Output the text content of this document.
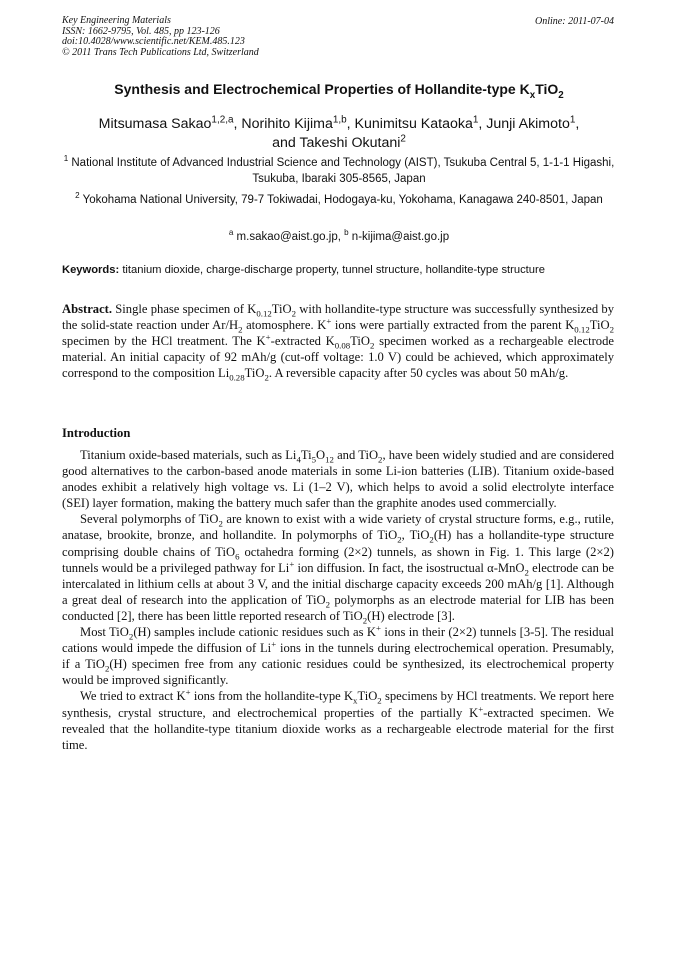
Key Engineering Materials
ISSN: 1662-9795, Vol. 485, pp 123-126
doi:10.4028/www.scientific.net/KEM.485.123
© 2011 Trans Tech Publications Ltd, Switzerland
Online: 2011-07-04
Synthesis and Electrochemical Properties of Hollandite-type $K_xTiO_2$
Mitsumasa Sakao$^{1,2,a}$, Norihito Kijima$^{1,b}$, Kunimitsu Kataoka$^1$, Junji Akimoto$^1$,
and Takeshi Okutani$^2$
$^1$ National Institute of Advanced Industrial Science and Technology (AIST), Tsukuba Central 5, 1-1-1 Higashi, Tsukuba, Ibaraki 305-8565, Japan
$^2$ Yokohama National University, 79-7 Tokiwadai, Hodogaya-ku, Yokohama, Kanagawa 240-8501, Japan
$^a$ m.sakao@aist.go.jp, $^b$ n-kijima@aist.go.jp
Keywords: titanium dioxide, charge-discharge property, tunnel structure, hollandite-type structure
Abstract. Single phase specimen of $K_{0.12}TiO_2$ with hollandite-type structure was successfully synthesized by the solid-state reaction under $Ar/H_2$ atomosphere. K+ ions were partially extracted from the parent $K_{0.12}TiO_2$ specimen by the HCl treatment. The K+-extracted $K_{0.08}TiO_2$ specimen worked as a rechargeable electrode material. An initial capacity of 92 mAh/g (cut-off voltage: 1.0 V) could be achieved, which approximately correspond to the composition $Li_{0.28}TiO_2$. A reversible capacity after 50 cycles was about 50 mAh/g.
Introduction

Titanium oxide-based materials, such as $Li_4Ti_5O_{12}$ and TiO$_2$, have been widely studied and are considered good alternatives to the carbon-based anode materials in some Li-ion batteries (LIB). Titanium oxide-based anodes exhibit a relatively high voltage vs. Li (1–2 V), which helps to avoid a solid electrolyte interface (SEI) layer formation, making the battery much safer than the graphite anodes used commercially.

Several polymorphs of TiO$_2$ are known to exist with a wide variety of crystal structure forms, e.g., rutile, anatase, brookite, bronze, and hollandite. In polymorphs of TiO$_2$, TiO$_2$(H) has a hollandite-type structure comprising double chains of TiO$_6$ octahedra forming (2×2) tunnels, as shown in Fig. 1. This large (2×2) tunnels would be a privileged pathway for Li+ ion diffusion. In fact, the isostructual α-MnO$_2$ electrode can be intercalated in lithium cells at about 3 V, and the initial discharge capacity exceeds 200 mAh/g [1]. Although a great deal of research into the application of TiO$_2$ polymorphs as an electrode material for LIB has been conducted [2], there has been little reported research of TiO$_2$(H) electrode [3].

Most TiO$_2$(H) samples include cationic residues such as K+ ions in their (2×2) tunnels [3-5]. The residual cations would impede the diffusion of Li+ ions in the tunnels during electrochemical operation. Presumably, if a TiO$_2$(H) specimen free from any cationic residues could be synthesized, its electrochemical property would be improved significantly.

We tried to extract K+ ions from the hollandite-type $K_xTiO_2$ specimens by HCl treatments. We report here synthesis, crystal structure, and electrochemical properties of the partially K+-extracted specimen. We revealed that the hollandite-type titanium dioxide works as a rechargeable electrode material for the first time.
